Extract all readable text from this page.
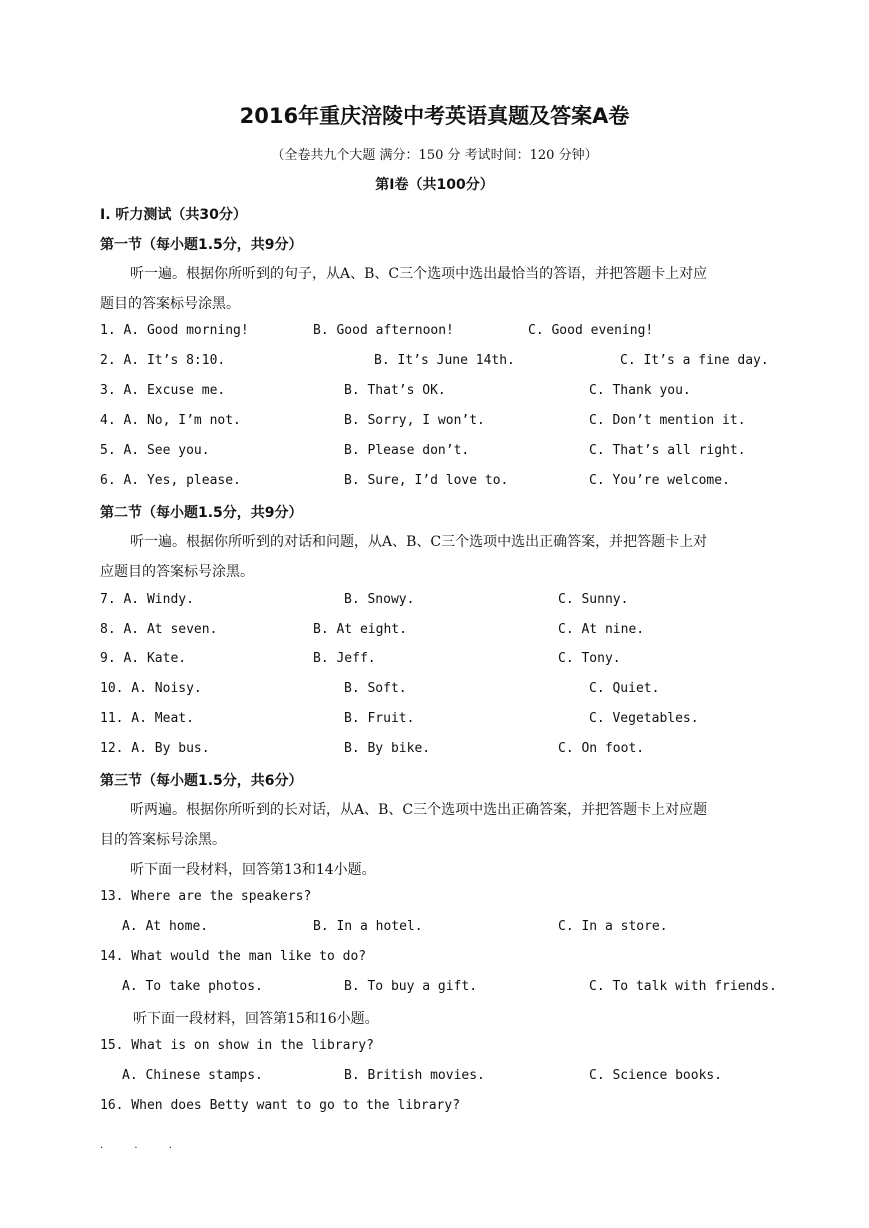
2016年重庆涪陵中考英语真题及答案A卷
（全卷共九个大题 满分：150 分 考试时间：120 分钟）
第Ⅰ卷（共100分）
I. 听力测试（共30分）
第一节（每小题1.5分，共9分）
听一遍。根据你所听到的句子，从A、B、C三个选项中选出最恰当的答语，并把答题卡上对应
题目的答案标号涂黑。
1. A. Good morning!	B. Good afternoon!	C. Good evening!
2. A. It’s 8:10.	B. It’s June 14th.	C. It’s a fine day.
3. A. Excuse me.	B. That’s OK.	C. Thank you.
4. A. No, I’m not.	B. Sorry, I won’t.	C. Don’t mention it.
5. A. See you.	B. Please don’t.	C. That’s all right.
6. A. Yes, please.	B. Sure, I’d love to.	C. You’re welcome.
第二节（每小题1.5分，共9分）
听一遍。根据你所听到的对话和问题，从A、B、C三个选项中选出正确答案，并把答题卡上对
应题目的答案标号涂黑。
7. A. Windy.	B. Snowy.	C. Sunny.
8. A. At seven.	B. At eight.	C. At nine.
9. A. Kate.	B. Jeff.	C. Tony.
10. A. Noisy.	B. Soft.	C. Quiet.
11. A. Meat.	B. Fruit.	C. Vegetables.
12. A. By bus.	B. By bike.	C. On foot.
第三节（每小题1.5分，共6分）
听两遍。根据你所听到的长对话，从A、B、C三个选项中选出正确答案，并把答题卡上对应题
目的答案标号涂黑。
听下面一段材料，回答第13和14小题。
13. Where are the speakers?
A. At home.	B. In a hotel.	C. In a store.
14. What would the man like to do?
A. To take photos.	B. To buy a gift.	C. To talk with friends.
听下面一段材料，回答第15和16小题。
15. What is on show in the library?
A. Chinese stamps.	B. British movies.	C. Science books.
16. When does Betty want to go to the library?
. . .
